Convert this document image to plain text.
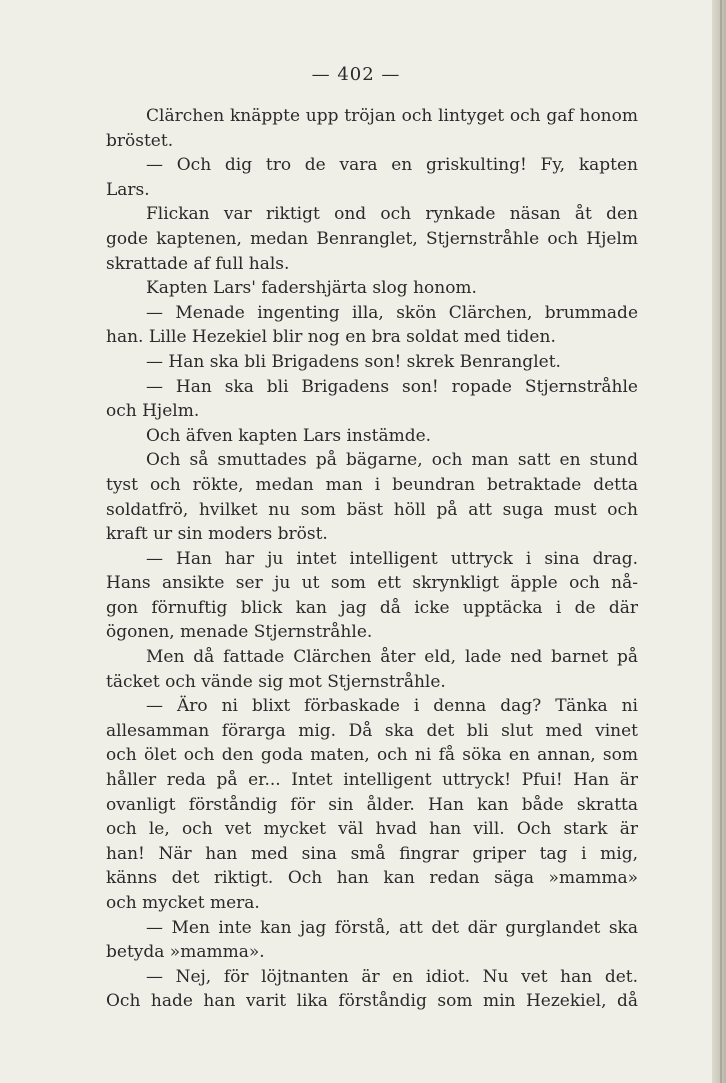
— 402 —
Clärchen knäppte upp tröjan och lintyget och gaf honom
bröstet.
— Och dig tro de vara en griskulting! Fy, kapten
Lars.
Flickan var riktigt ond och rynkade näsan åt den
gode kaptenen, medan Benranglet, Stjernstråhle och Hjelm
skrattade af full hals.
Kapten Lars' fadershjärta slog honom.
— Menade ingenting illa, skön Clärchen, brummade
han. Lille Hezekiel blir nog en bra soldat med tiden.
— Han ska bli Brigadens son! skrek Benranglet.
— Han ska bli Brigadens son! ropade Stjernstråhle
och Hjelm.
Och äfven kapten Lars instämde.
Och så smuttades på bägarne, och man satt en stund
tyst och rökte, medan man i beundran betraktade detta
soldatfrö, hvilket nu som bäst höll på att suga must och
kraft ur sin moders bröst.
— Han har ju intet intelligent uttryck i sina drag.
Hans ansikte ser ju ut som ett skrynkligt äpple och nå-
gon förnuftig blick kan jag då icke upptäcka i de där
ögonen, menade Stjernstråhle.
Men då fattade Clärchen åter eld, lade ned barnet på
täcket och vände sig mot Stjernstråhle.
— Äro ni blixt förbaskade i denna dag? Tänka ni
allesamman förarga mig. Då ska det bli slut med vinet
och ölet och den goda maten, och ni få söka en annan, som
håller reda på er... Intet intelligent uttryck! Pfui! Han är
ovanligt förståndig för sin ålder. Han kan både skratta
och le, och vet mycket väl hvad han vill. Och stark är
han! När han med sina små fingrar griper tag i mig,
känns det riktigt. Och han kan redan säga »mamma»
och mycket mera.
— Men inte kan jag förstå, att det där gurglandet ska
betyda »mamma».
— Nej, för löjtnanten är en idiot. Nu vet han det.
Och hade han varit lika förståndig som min Hezekiel, då
